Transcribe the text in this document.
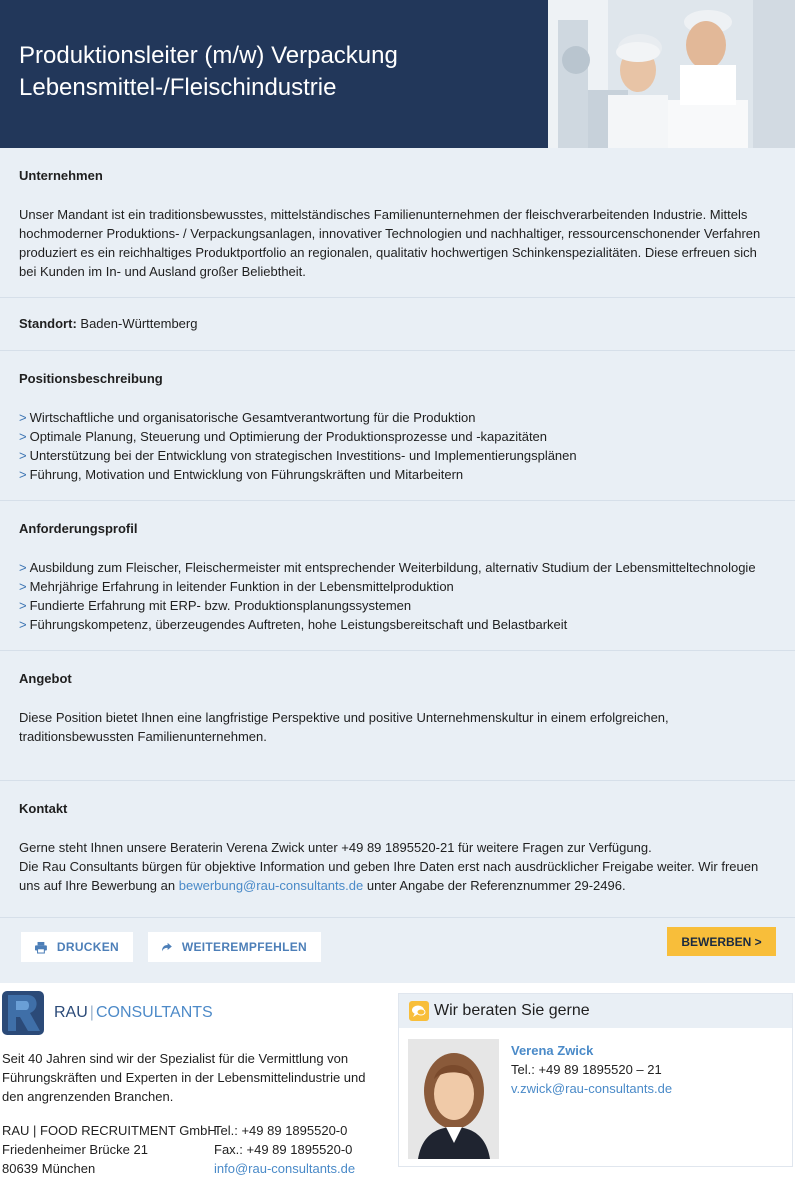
Produktionsleiter (m/w) Verpackung
Lebensmittel-/Fleischindustrie
Unternehmen

Unser Mandant ist ein traditionsbewusstes, mittelständisches Familienunternehmen der fleischverarbeitenden Industrie. Mittels hochmoderner Produktions- / Verpackungsanlagen, innovativer Technologien und nachhaltiger, ressourcenschonender Verfahren produziert es ein reichhaltiges Produktportfolio an regionalen, qualitativ hochwertigen Schinkenspezialitäten. Diese erfreuen sich bei Kunden im In- und Ausland großer Beliebtheit.

Standort: Baden-Württemberg
Positionsbeschreibung
> Wirtschaftliche und organisatorische Gesamtverantwortung für die Produktion
> Optimale Planung, Steuerung und Optimierung der Produktionsprozesse und -kapazitäten
> Unterstützung bei der Entwicklung von strategischen Investitions- und Implementierungsplänen
> Führung, Motivation und Entwicklung von Führungskräften und Mitarbeitern
Anforderungsprofil
> Ausbildung zum Fleischer, Fleischermeister mit entsprechender Weiterbildung, alternativ Studium der Lebensmitteltechnologie
> Mehrjährige Erfahrung in leitender Funktion in der Lebensmittelproduktion
> Fundierte Erfahrung mit ERP- bzw. Produktionsplanungssystemen
> Führungskompetenz, überzeugendes Auftreten, hohe Leistungsbereitschaft und Belastbarkeit
Angebot

Diese Position bietet Ihnen eine langfristige Perspektive und positive Unternehmenskultur in einem erfolgreichen, traditionsbewussten Familienunternehmen.

Kontakt

Gerne steht Ihnen unsere Beraterin Verena Zwick unter +49 89 1895520-21 für weitere Fragen zur Verfügung.

Die Rau Consultants bürgen für objektive Information und geben Ihre Daten erst nach ausdrücklicher Freigabe weiter. Wir freuen uns auf Ihre Bewerbung an bewerbung@rau-consultants.de unter Angabe der Referenznummer 29-2496.

DRUCKEN	WEITEREMPFEHLEN	BEWERBEN >
RAU | CONSULTANTS
Seit 40 Jahren sind wir der Spezialist für die Vermittlung von Führungskräften und Experten in der Lebensmittelindustrie und den angrenzenden Branchen.
RAU | FOOD RECRUITMENT GmbH
Friedenheimer Brücke 21
80639 München
Tel.: +49 89 1895520-0
Fax.: +49 89 1895520-0
info@rau-consultants.de
Wir beraten Sie gerne
Verena Zwick
Tel.: +49 89 1895520 – 21
v.zwick@rau-consultants.de
